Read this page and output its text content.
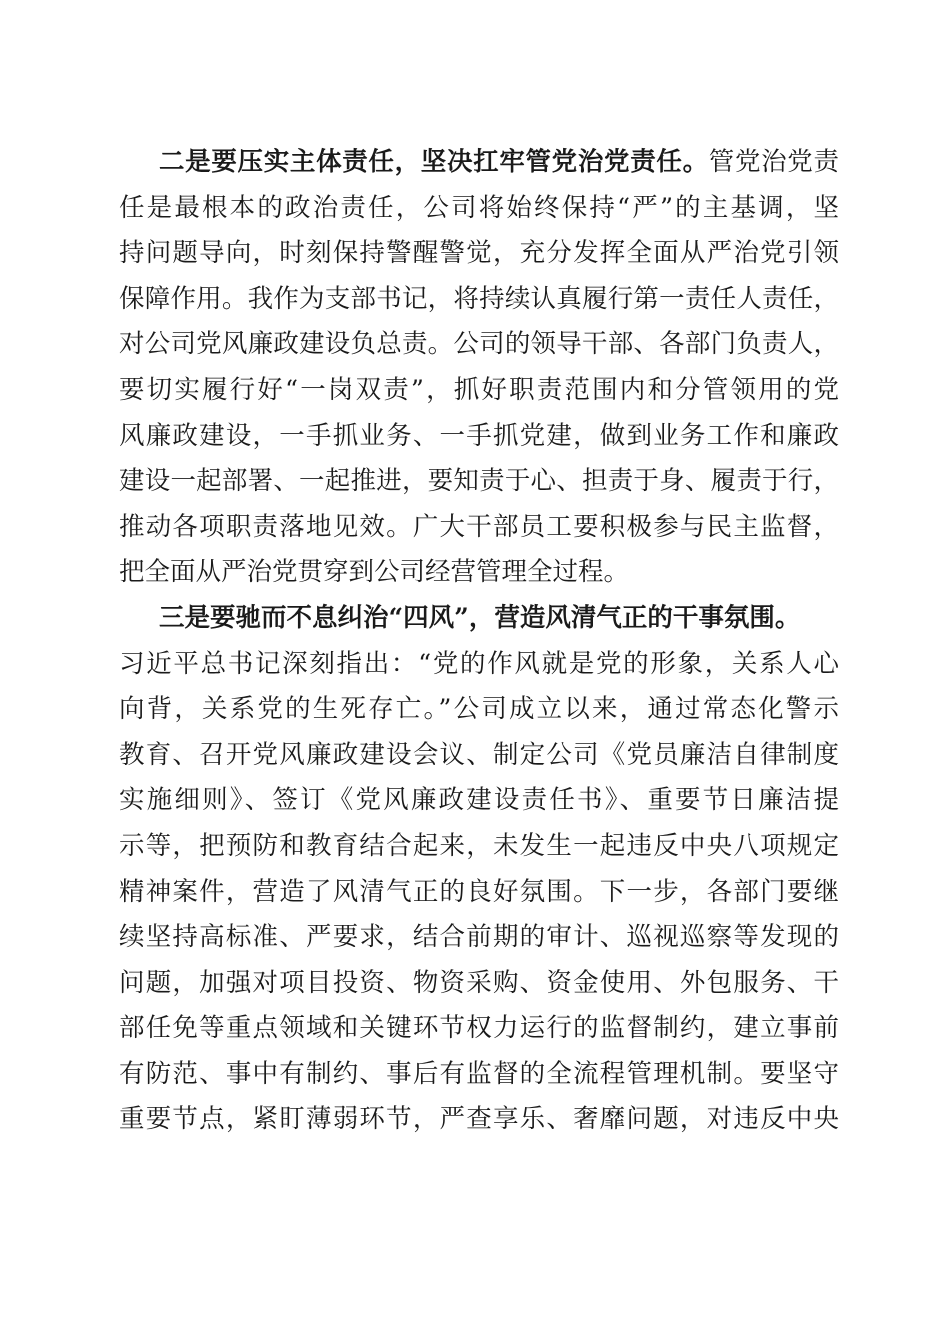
二是要压实主体责任，坚决扛牢管党治党责任。管党治党责
任是最根本的政治责任，公司将始终保持“严”的主基调，坚
持问题导向，时刻保持警醒警觉，充分发挥全面从严治党引领
保障作用。我作为支部书记，将持续认真履行第一责任人责任，
对公司党风廉政建设负总责。公司的领导干部、各部门负责人，
要切实履行好“一岗双责”，抓好职责范围内和分管领用的党
风廉政建设，一手抓业务、一手抓党建，做到业务工作和廉政
建设一起部署、一起推进，要知责于心、担责于身、履责于行，
推动各项职责落地见效。广大干部员工要积极参与民主监督，
把全面从严治党贯穿到公司经营管理全过程。
三是要驰而不息纠治“四风”，营造风清气正的干事氛围。
习近平总书记深刻指出：“党的作风就是党的形象，关系人心
向背，关系党的生死存亡。”公司成立以来，通过常态化警示
教育、召开党风廉政建设会议、制定公司《党员廉洁自律制度
实施细则》、签订《党风廉政建设责任书》、重要节日廉洁提
示等，把预防和教育结合起来，未发生一起违反中央八项规定
精神案件，营造了风清气正的良好氛围。下一步，各部门要继
续坚持高标准、严要求，结合前期的审计、巡视巡察等发现的
问题，加强对项目投资、物资采购、资金使用、外包服务、干
部任免等重点领域和关键环节权力运行的监督制约，建立事前
有防范、事中有制约、事后有监督的全流程管理机制。要坚守
重要节点，紧盯薄弱环节，严查享乐、奢靡问题，对违反中央
